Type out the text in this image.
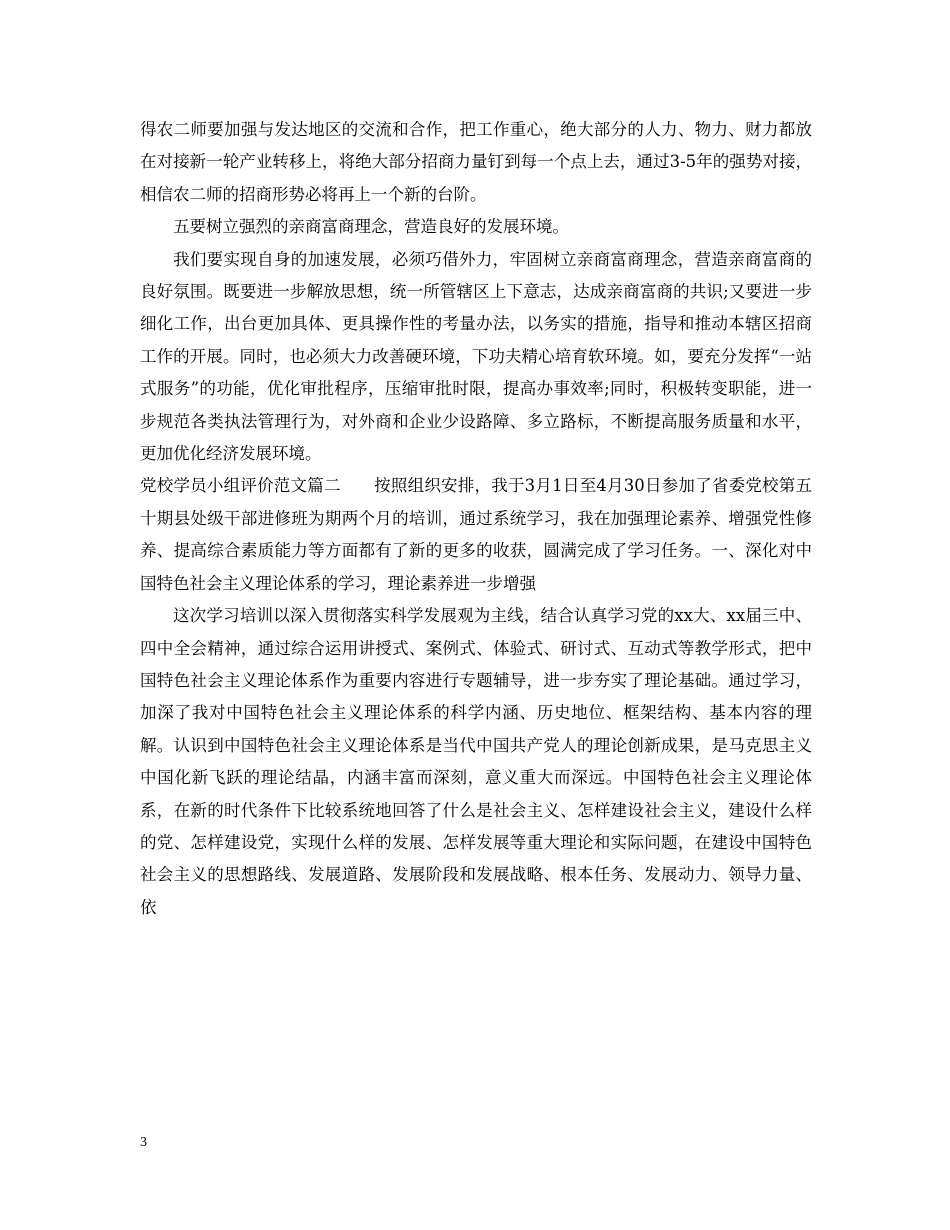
得农二师要加强与发达地区的交流和合作，把工作重心，绝大部分的人力、物力、财力都放在对接新一轮产业转移上，将绝大部分招商力量钉到每一个点上去，通过3-5年的强势对接，相信农二师的招商形势必将再上一个新的台阶。

五要树立强烈的亲商富商理念，营造良好的发展环境。

我们要实现自身的加速发展，必须巧借外力，牢固树立亲商富商理念，营造亲商富商的良好氛围。既要进一步解放思想，统一所管辖区上下意志，达成亲商富商的共识;又要进一步细化工作，出台更加具体、更具操作性的考量办法，以务实的措施，指导和推动本辖区招商工作的开展。同时，也必须大力改善硬环境，下功夫精心培育软环境。如，要充分发挥“一站式服务”的功能，优化审批程序，压缩审批时限，提高办事效率;同时，积极转变职能，进一步规范各类执法管理行为，对外商和企业少设路障、多立路标，不断提高服务质量和水平，更加优化经济发展环境。

党校学员小组评价范文篇二　　按照组织安排，我于3月1日至4月30日参加了省委党校第五十期县处级干部进修班为期两个月的培训，通过系统学习，我在加强理论素养、增强党性修养、提高综合素质能力等方面都有了新的更多的收获，圆满完成了学习任务。一、深化对中国特色社会主义理论体系的学习，理论素养进一步增强

这次学习培训以深入贯彻落实科学发展观为主线，结合认真学习党的xx大、xx届三中、四中全会精神，通过综合运用讲授式、案例式、体验式、研讨式、互动式等教学形式，把中国特色社会主义理论体系作为重要内容进行专题辅导，进一步夯实了理论基础。通过学习，加深了我对中国特色社会主义理论体系的科学内涵、历史地位、框架结构、基本内容的理解。认识到中国特色社会主义理论体系是当代中国共产党人的理论创新成果，是马克思主义中国化新飞跃的理论结晶，内涵丰富而深刻，意义重大而深远。中国特色社会主义理论体系，在新的时代条件下比较系统地回答了什么是社会主义、怎样建设社会主义，建设什么样的党、怎样建设党，实现什么样的发展、怎样发展等重大理论和实际问题，在建设中国特色社会主义的思想路线、发展道路、发展阶段和发展战略、根本任务、发展动力、领导力量、依

3
